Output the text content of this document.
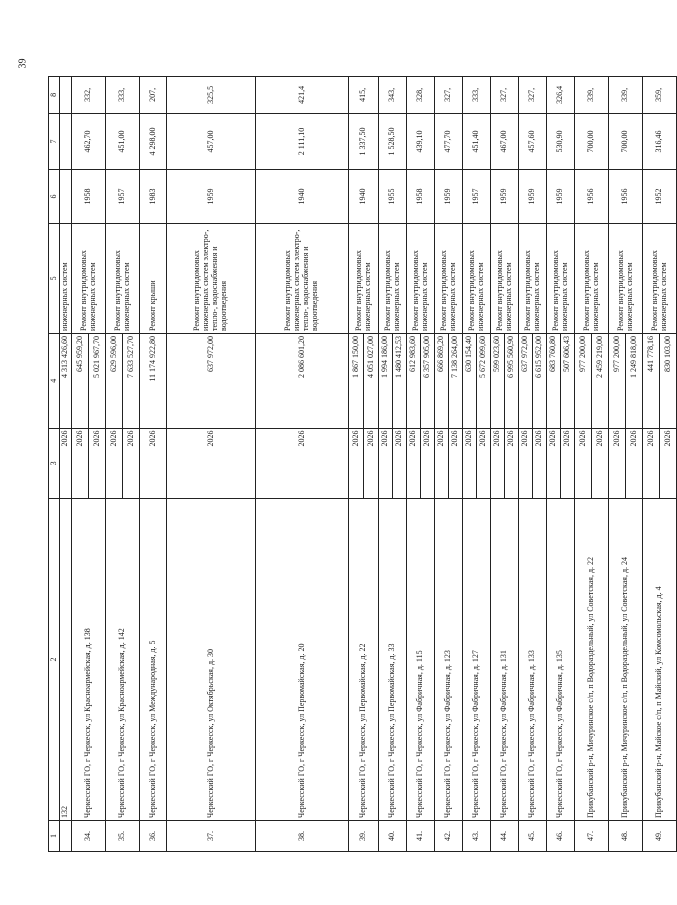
39
1	2	3	4	5	6	7	8
	132	2026	4 313 426,60	инженерных систем			
34.	Черкесский ГО, г Черкесск, ул Красноармейская, д. 138	2026	645 959,20	Ремонт внутридомовых инженерных систем	1958	462,70	332,
		2026	5 021 967,70				
35.	Черкесский ГО, г Черкесск, ул Красноармейская, д. 142	2026	629 596,00	Ремонт внутридомовых инженерных систем	1957	451,00	333,
		2026	7 633 527,70				
36.	Черкесский ГО, г Черкесск, ул Международная, д. 5	2026	11 174 922,80	Ремонт крыши	1983	4 298,00	207,
37.	Черкесский ГО, г Черкесск, ул Октябрьская, д. 30	2026	637 972,00	Ремонт внутридомовых инженерных систем электро-, тепло-, водоснабжения и водоотведения	1959	457,00	325,5
38.	Черкесский ГО, г Черкесск, ул Первомайская, д. 20	2026	2 086 601,20	Ремонт внутридомовых инженерных систем электро-, тепло-, водоснабжения и водоотведения	1940	2 111,10	421,4
39.	Черкесский ГО, г Черкесск, ул Первомайская, д. 22	2026	1 867 150,00	Ремонт внутридомовых инженерных систем	1940	1 337,50	415,
		2026	4 051 027,00				
40.	Черкесский ГО, г Черкесск, ул Первомайская, д. 33	2026	1 994 186,00	Ремонт внутридомовых инженерных систем	1955	1 528,50	343,
		2026	1 480 412,53				
41.	Черкесский ГО, г Черкесск, ул Фабричная, д. 115	2026	612 983,60	Ремонт внутридомовых инженерных систем	1958	439,10	328,
		2026	6 357 905,00				
42.	Черкесский ГО, г Черкесск, ул Фабричная, д. 123	2026	666 869,20	Ремонт внутридомовых инженерных систем	1959	477,70	327,
		2026	7 138 264,00				
43.	Черкесский ГО, г Черкесск, ул Фабричная, д. 127	2026	630 154,40	Ремонт внутридомовых инженерных систем	1957	451,40	333,
		2026	5 672 099,60				
44.	Черкесский ГО, г Черкесск, ул Фабричная, д. 131	2026	599 023,60	Ремонт внутридомовых инженерных систем	1959	467,00	327,
		2026	6 995 560,90				
45.	Черкесский ГО, г Черкесск, ул Фабричная, д. 133	2026	637 972,00	Ремонт внутридомовых инженерных систем	1959	457,60	327,
		2026	6 615 952,00				
46.	Черкесский ГО, г Черкесск, ул Фабричная, д. 135	2026	683 760,80	Ремонт внутридомовых инженерных систем	1959	530,90	326,4
		2026	507 606,43				
47.	Прикубанский р-н, Мичуринское с/п, п Водораздельный, ул Советская, д. 22	2026	977 200,00	Ремонт внутридомовых инженерных систем	1956	700,00	339,
		2026	2 459 219,00				
48.	Прикубанский р-н, Мичуринское с/п, п Водораздельный, ул Советская, д. 24	2026	977 200,00	Ремонт внутридомовых инженерных систем	1956	700,00	339,
		2026	1 249 818,00				
49.	Прикубанский р-н, Майское с/п, п Майский, ул Комсомольская, д. 4	2026	441 778,16	Ремонт внутридомовых инженерных систем	1952	316,46	359,
		2026	830 103,00				
